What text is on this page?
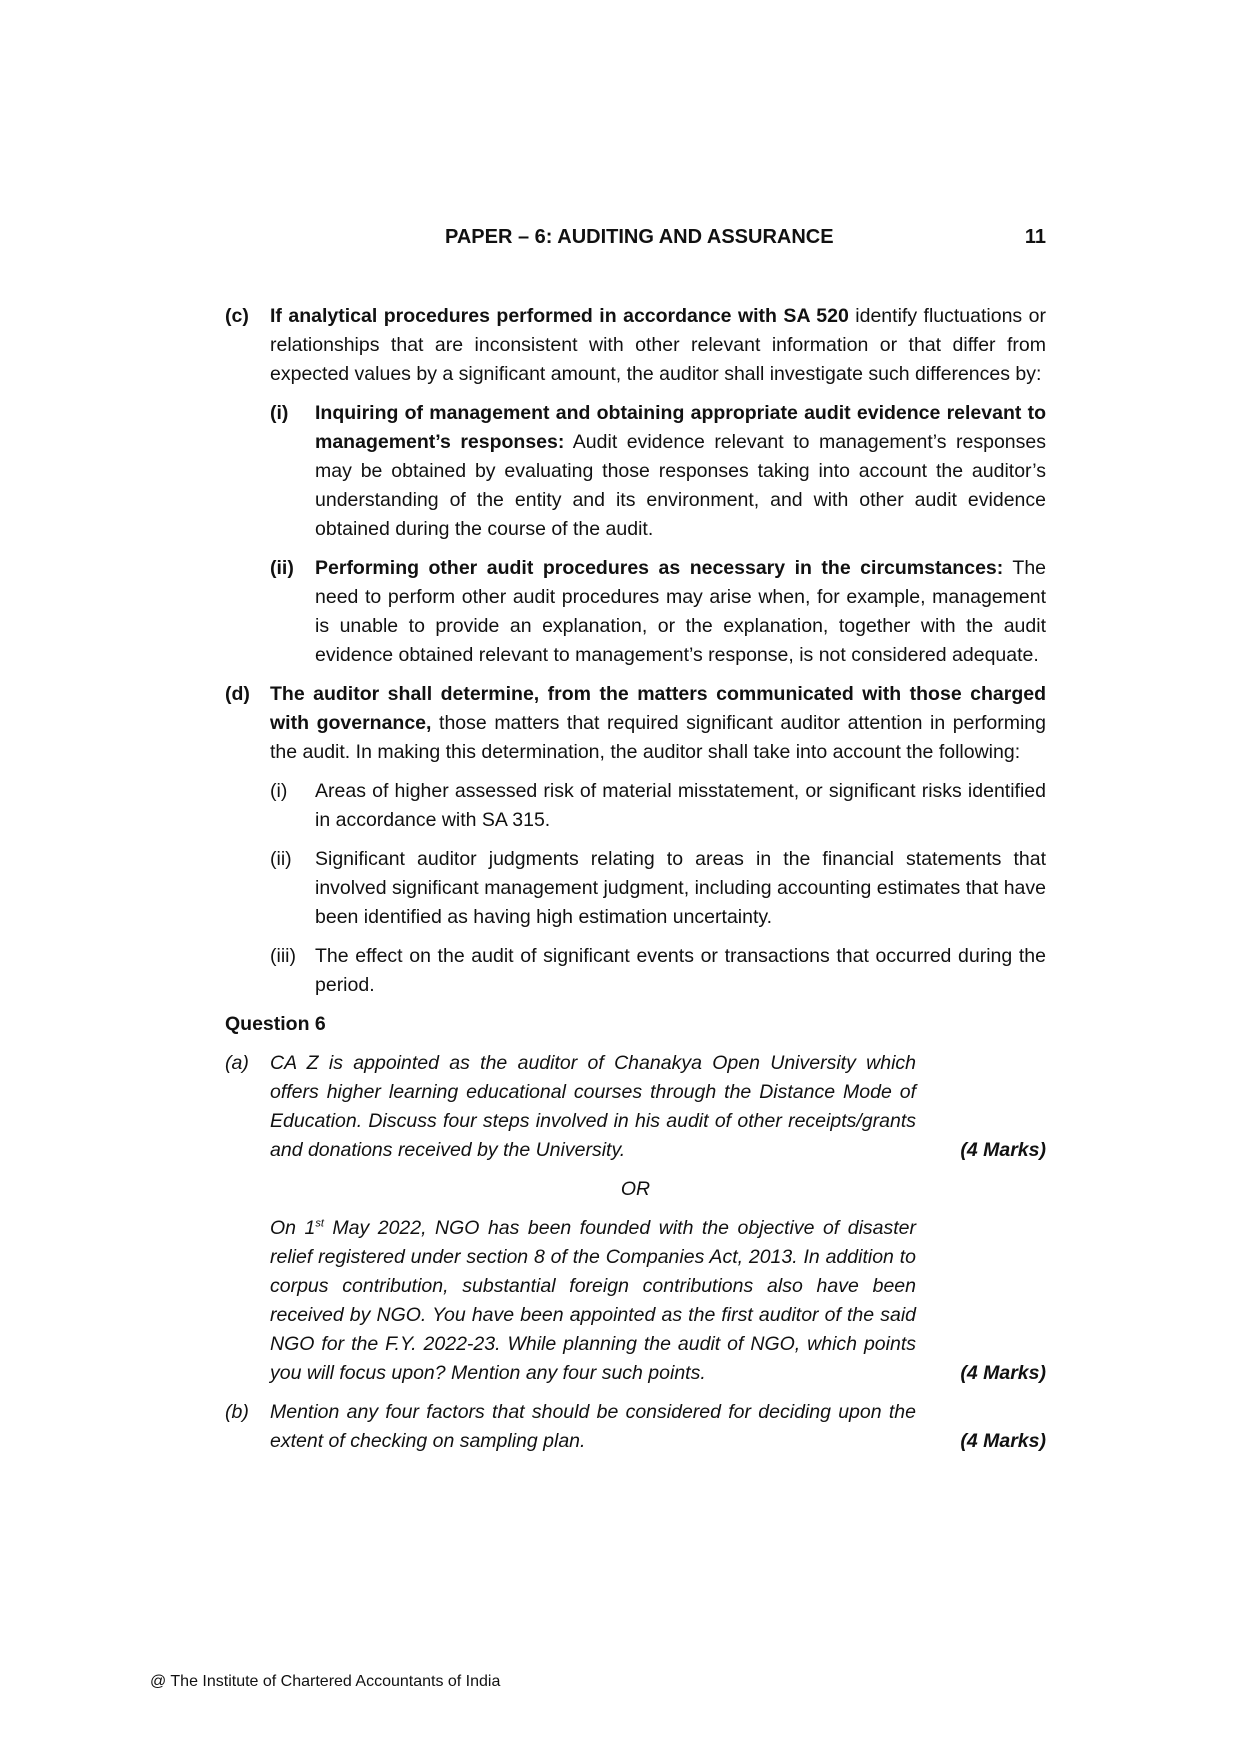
PAPER – 6: AUDITING AND ASSURANCE	11
(c) If analytical procedures performed in accordance with SA 520 identify fluctuations or relationships that are inconsistent with other relevant information or that differ from expected values by a significant amount, the auditor shall investigate such differences by:
(i) Inquiring of management and obtaining appropriate audit evidence relevant to management’s responses: Audit evidence relevant to management’s responses may be obtained by evaluating those responses taking into account the auditor’s understanding of the entity and its environment, and with other audit evidence obtained during the course of the audit.
(ii) Performing other audit procedures as necessary in the circumstances: The need to perform other audit procedures may arise when, for example, management is unable to provide an explanation, or the explanation, together with the audit evidence obtained relevant to management’s response, is not considered adequate.
(d) The auditor shall determine, from the matters communicated with those charged with governance, those matters that required significant auditor attention in performing the audit. In making this determination, the auditor shall take into account the following:
(i) Areas of higher assessed risk of material misstatement, or significant risks identified in accordance with SA 315.
(ii) Significant auditor judgments relating to areas in the financial statements that involved significant management judgment, including accounting estimates that have been identified as having high estimation uncertainty.
(iii) The effect on the audit of significant events or transactions that occurred during the period.
Question 6
(a) CA Z is appointed as the auditor of Chanakya Open University which offers higher learning educational courses through the Distance Mode of Education. Discuss four steps involved in his audit of other receipts/grants and donations received by the University.	(4 Marks)
OR
On 1st May 2022, NGO has been founded with the objective of disaster relief registered under section 8 of the Companies Act, 2013. In addition to corpus contribution, substantial foreign contributions also have been received by NGO. You have been appointed as the first auditor of the said NGO for the F.Y. 2022-23. While planning the audit of NGO, which points you will focus upon? Mention any four such points.	(4 Marks)
(b) Mention any four factors that should be considered for deciding upon the extent of checking on sampling plan.	(4 Marks)
@ The Institute of Chartered Accountants of India
